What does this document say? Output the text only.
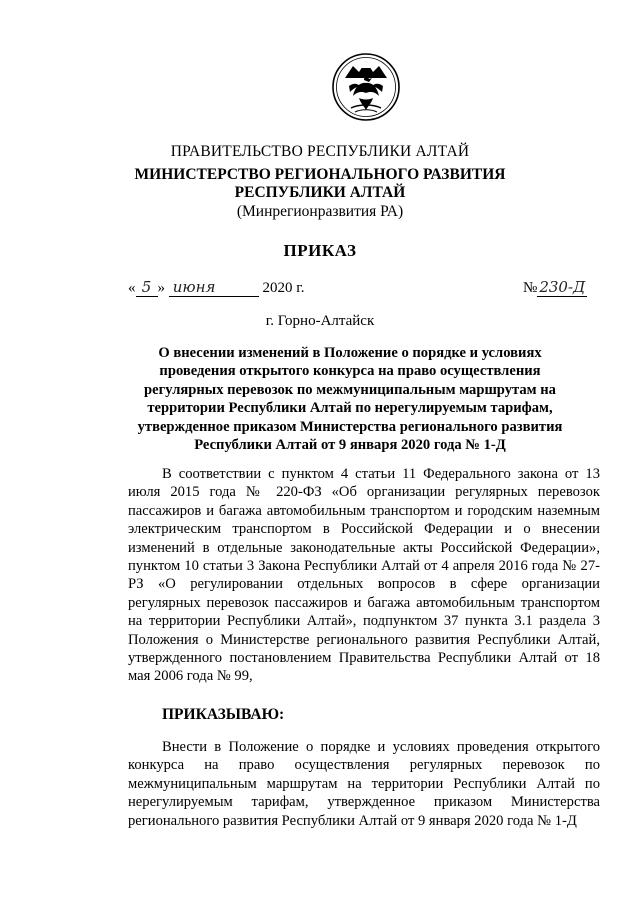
ПРАВИТЕЛЬСТВО РЕСПУБЛИКИ АЛТАЙ
МИНИСТЕРСТВО РЕГИОНАЛЬНОГО РАЗВИТИЯ
РЕСПУБЛИКИ АЛТАЙ
(Минрегионразвития РА)
ПРИКАЗ
« 5 » июня	2020 г.	№ 230-Д
г. Горно-Алтайск
О внесении изменений в Положение о порядке и условиях проведения открытого конкурса на право осуществления регулярных перевозок по межмуниципальным маршрутам на территории Республики Алтай по нерегулируемым тарифам, утвержденное приказом Министерства регионального развития Республики Алтай от 9 января 2020 года № 1-Д
В соответствии с пунктом 4 статьи 11 Федерального закона от 13 июля 2015 года № 220-ФЗ «Об организации регулярных перевозок пассажиров и багажа автомобильным транспортом и городским наземным электрическим транспортом в Российской Федерации и о внесении изменений в отдельные законодательные акты Российской Федерации», пунктом 10 статьи 3 Закона Республики Алтай от 4 апреля 2016 года № 27-РЗ «О регулировании отдельных вопросов в сфере организации регулярных перевозок пассажиров и багажа автомобильным транспортом на территории Республики Алтай», подпунктом 37 пункта 3.1 раздела 3 Положения о Министерстве регионального развития Республики Алтай, утвержденного постановлением Правительства Республики Алтай от 18 мая 2006 года № 99,
ПРИКАЗЫВАЮ:
Внести в Положение о порядке и условиях проведения открытого конкурса на право осуществления регулярных перевозок по межмуниципальным маршрутам на территории Республики Алтай по нерегулируемым тарифам, утвержденное приказом Министерства регионального развития Республики Алтай от 9 января 2020 года № 1-Д
